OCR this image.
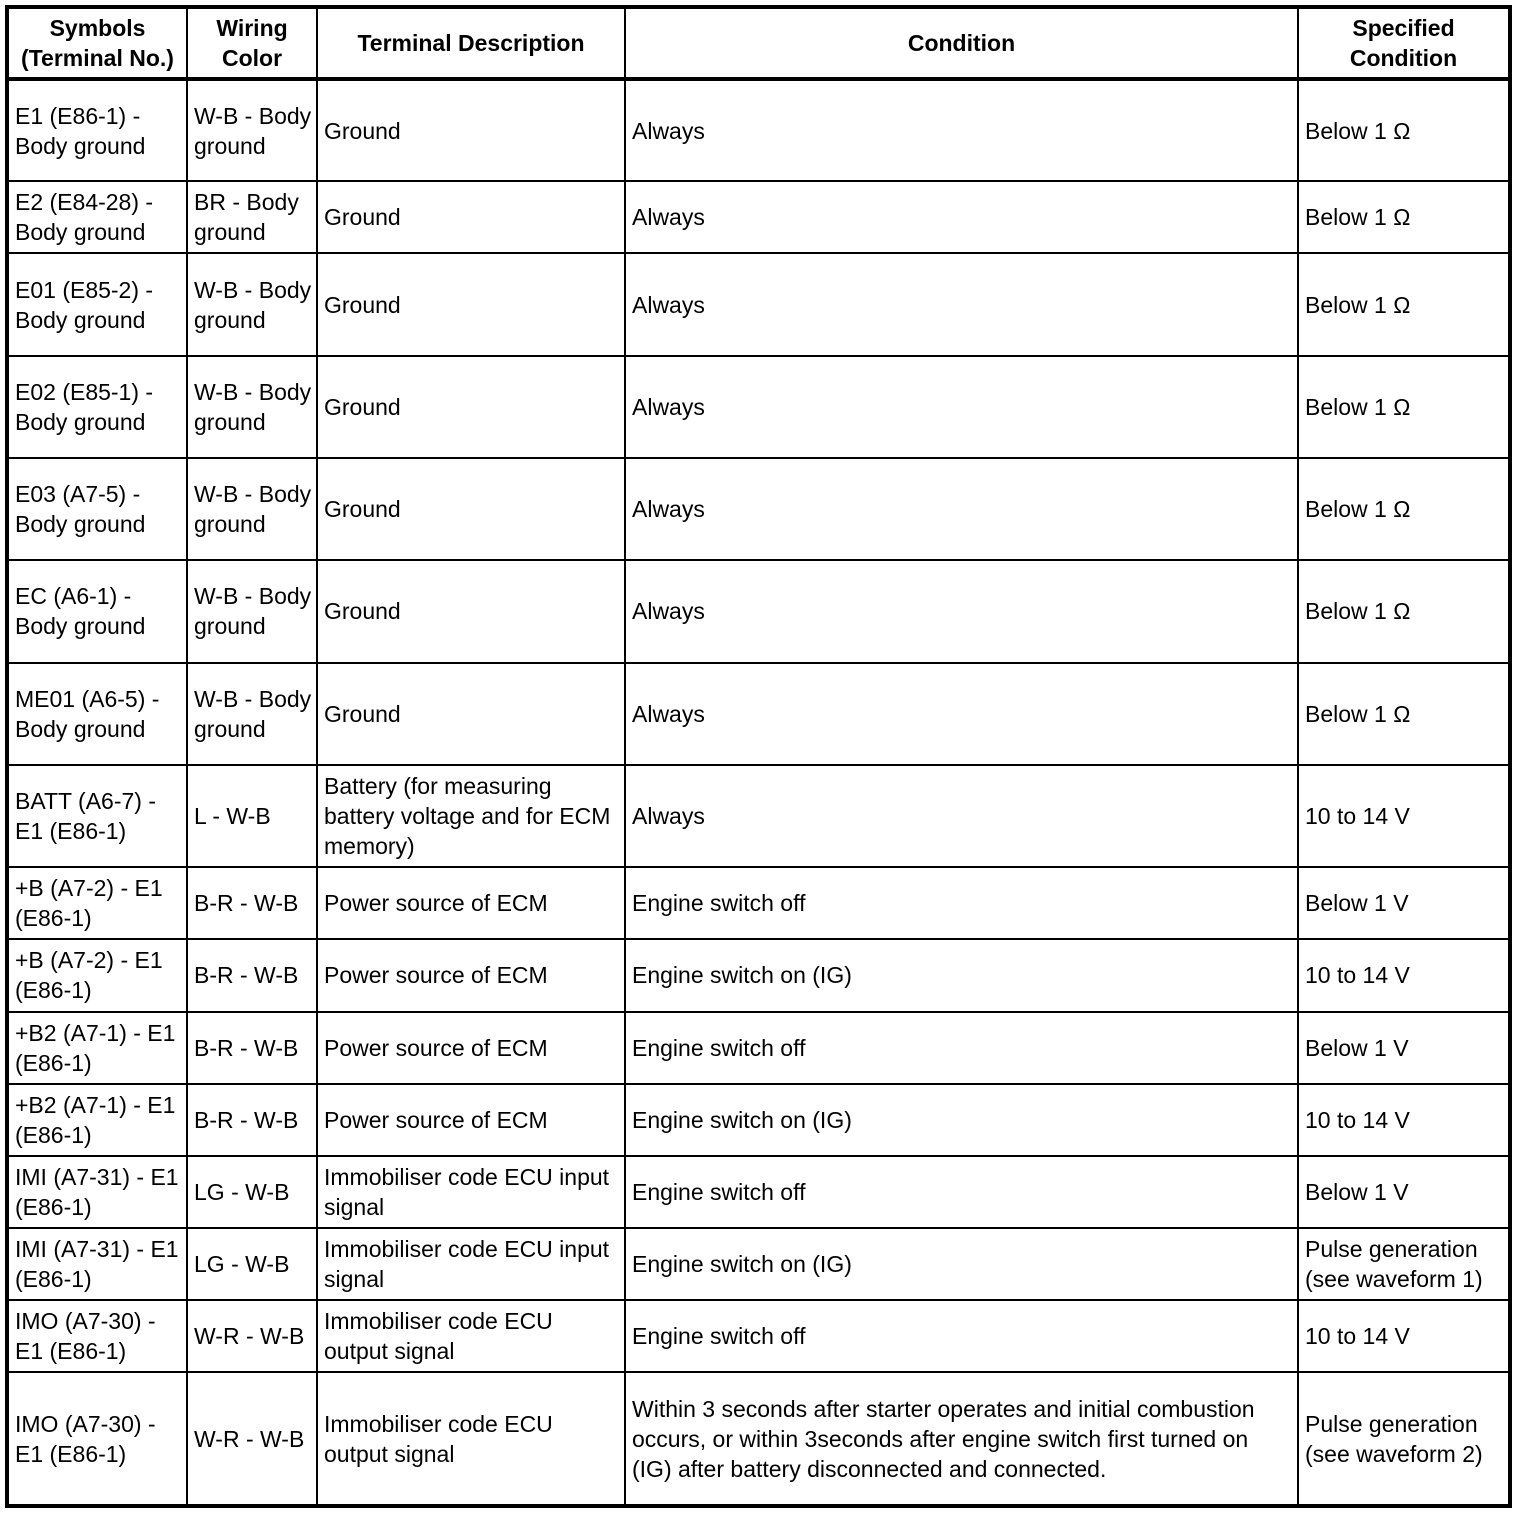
Symbols (Terminal No.)	Wiring Color	Terminal Description	Condition	Specified Condition
E1 (E86-1) - Body ground	W-B - Body ground	Ground	Always	Below 1 Ω
E2 (E84-28) - Body ground	BR - Body ground	Ground	Always	Below 1 Ω
E01 (E85-2) - Body ground	W-B - Body ground	Ground	Always	Below 1 Ω
E02 (E85-1) - Body ground	W-B - Body ground	Ground	Always	Below 1 Ω
E03 (A7-5) - Body ground	W-B - Body ground	Ground	Always	Below 1 Ω
EC (A6-1) - Body ground	W-B - Body ground	Ground	Always	Below 1 Ω
ME01 (A6-5) - Body ground	W-B - Body ground	Ground	Always	Below 1 Ω
BATT (A6-7) - E1 (E86-1)	L - W-B	Battery (for measuring battery voltage and for ECM memory)	Always	10 to 14 V
+B (A7-2) - E1 (E86-1)	B-R - W-B	Power source of ECM	Engine switch off	Below 1 V
+B (A7-2) - E1 (E86-1)	B-R - W-B	Power source of ECM	Engine switch on (IG)	10 to 14 V
+B2 (A7-1) - E1 (E86-1)	B-R - W-B	Power source of ECM	Engine switch off	Below 1 V
+B2 (A7-1) - E1 (E86-1)	B-R - W-B	Power source of ECM	Engine switch on (IG)	10 to 14 V
IMI (A7-31) - E1 (E86-1)	LG - W-B	Immobiliser code ECU input signal	Engine switch off	Below 1 V
IMI (A7-31) - E1 (E86-1)	LG - W-B	Immobiliser code ECU input signal	Engine switch on (IG)	Pulse generation (see waveform 1)
IMO (A7-30) - E1 (E86-1)	W-R - W-B	Immobiliser code ECU output signal	Engine switch off	10 to 14 V
IMO (A7-30) - E1 (E86-1)	W-R - W-B	Immobiliser code ECU output signal	Within 3 seconds after starter operates and initial combustion occurs, or within 3seconds after engine switch first turned on (IG) after battery disconnected and connected.	Pulse generation (see waveform 2)
